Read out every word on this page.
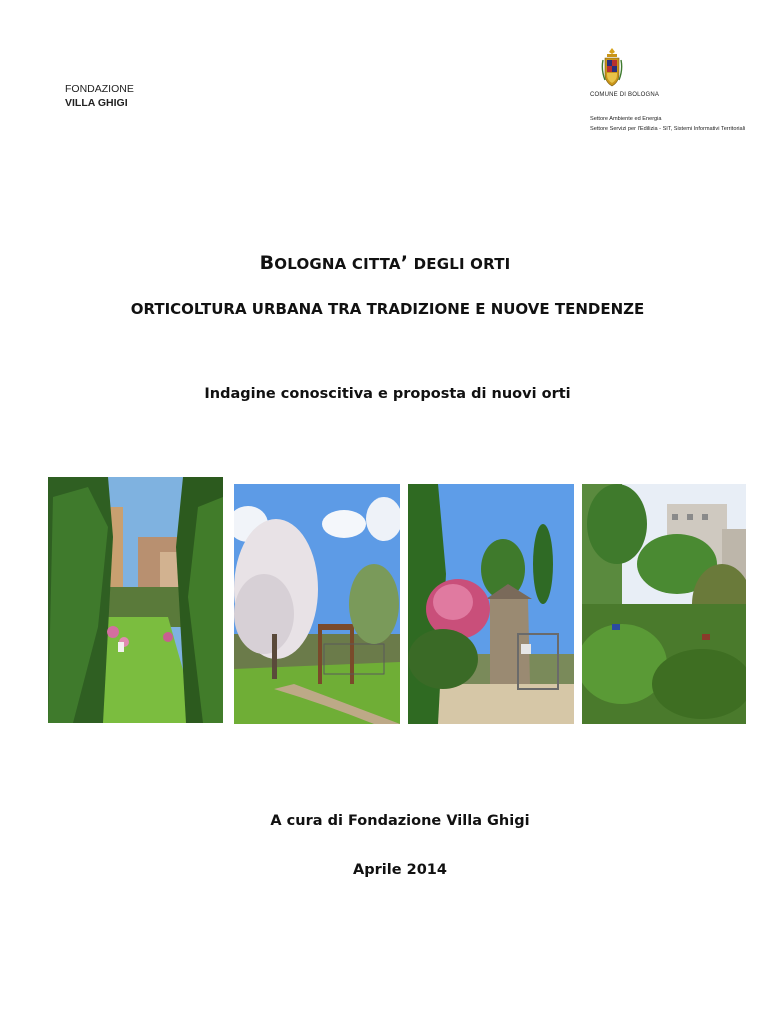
FONDAZIONE
VILLA GHIGI
COMUNE DI BOLOGNA
Settore Ambiente ed Energia
Settore Servizi per l'Edilizia - SIT, Sistemi Informativi Territoriali
BOLOGNA CITTA’ DEGLI ORTI
ORTICOLTURA URBANA TRA TRADIZIONE E NUOVE TENDENZE
Indagine conoscitiva e proposta di nuovi orti
A cura di Fondazione Villa Ghigi
Aprile 2014
